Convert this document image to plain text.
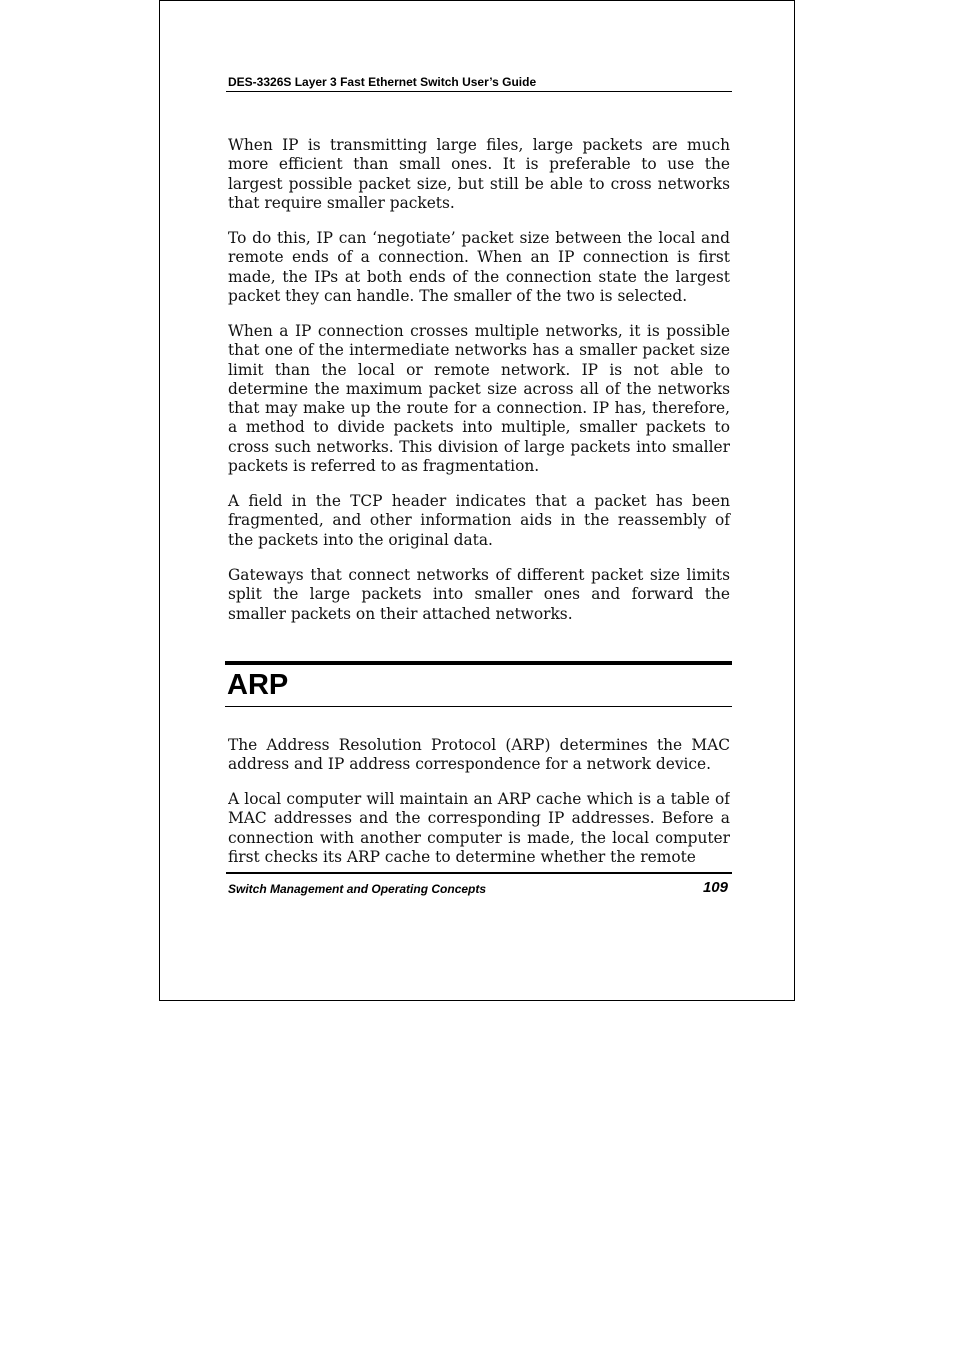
DES-3326S Layer 3 Fast Ethernet Switch User’s Guide

When IP is transmitting large files, large packets are much more efficient than small ones. It is preferable to use the largest possible packet size, but still be able to cross networks that require smaller packets.

To do this, IP can ‘negotiate’ packet size between the local and remote ends of a connection. When an IP connection is first made, the IPs at both ends of the connection state the largest packet they can handle. The smaller of the two is selected.

When a IP connection crosses multiple networks, it is possible that one of the intermediate networks has a smaller packet size limit than the local or remote network. IP is not able to determine the maximum packet size across all of the networks that may make up the route for a connection. IP has, therefore, a method to divide packets into multiple, smaller packets to cross such networks. This division of large packets into smaller packets is referred to as fragmentation.

A field in the TCP header indicates that a packet has been fragmented, and other information aids in the reassembly of the packets into the original data.

Gateways that connect networks of different packet size limits split the large packets into smaller ones and forward the smaller packets on their attached networks.

ARP

The Address Resolution Protocol (ARP) determines the MAC address and IP address correspondence for a network device.

A local computer will maintain an ARP cache which is a table of MAC addresses and the corresponding IP addresses. Before a connection with another computer is made, the local computer first checks its ARP cache to determine whether the remote

Switch Management and Operating Concepts	109
